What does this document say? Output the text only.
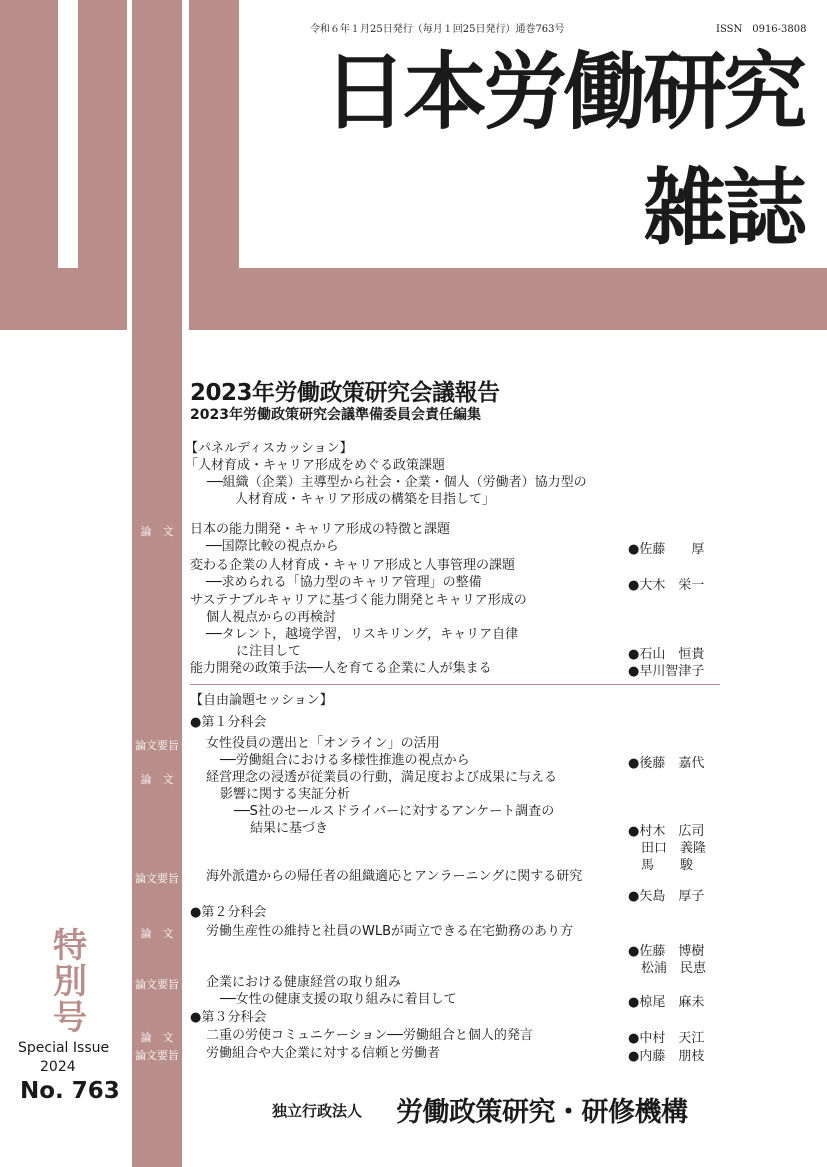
令和６年１月25日発行（毎月１回25日発行）通巻763号	ISSN　0916-3808
日本労働研究
雑誌
2023年労働政策研究会議報告
2023年労働政策研究会議準備委員会責任編集
【パネルディスカッション】
「人材育成・キャリア形成をめぐる政策課題
──組織（企業）主導型から社会・企業・個人（労働者）協力型の
人材育成・キャリア形成の構築を目指して」
論　文	日本の能力開発・キャリア形成の特徴と課題
──国際比較の視点から	●佐藤　　厚
変わる企業の人材育成・キャリア形成と人事管理の課題
──求められる「協力型のキャリア管理」の整備	●大木　栄一
サステナブルキャリアに基づく能力開発とキャリア形成の
個人視点からの再検討
──タレント，越境学習，リスキリング，キャリア自律
に注目して	●石山　恒貴
能力開発の政策手法──人を育てる企業に人が集まる	●早川智津子
【自由論題セッション】
●第１分科会
論文要旨 女性役員の選出と「オンライン」の活用
──労働組合における多様性推進の視点から	●後藤　嘉代
論　文	経営理念の浸透が従業員の行動，満足度および成果に与える
影響に関する実証分析
──S社のセールスドライバーに対するアンケート調査の
結果に基づき	●村木　広司
田口　義隆
馬　　駿
論文要旨 海外派遣からの帰任者の組織適応とアンラーニングに関する研究
●矢島　厚子
●第２分科会
論　文	労働生産性の維持と社員のWLBが両立できる在宅勤務のあり方
●佐藤　博樹
松浦　民恵
論文要旨 企業における健康経営の取り組み
──女性の健康支援の取り組みに着目して	●椋尾　麻未
●第３分科会
論　文	二重の労使コミュニケーション──労働組合と個人的発言	●中村　天江
論文要旨 労働組合や大企業に対する信頼と労働者	●内藤　朋枝
特別号
Special Issue
2024
No. 763
独立行政法人 労働政策研究・研修機構
